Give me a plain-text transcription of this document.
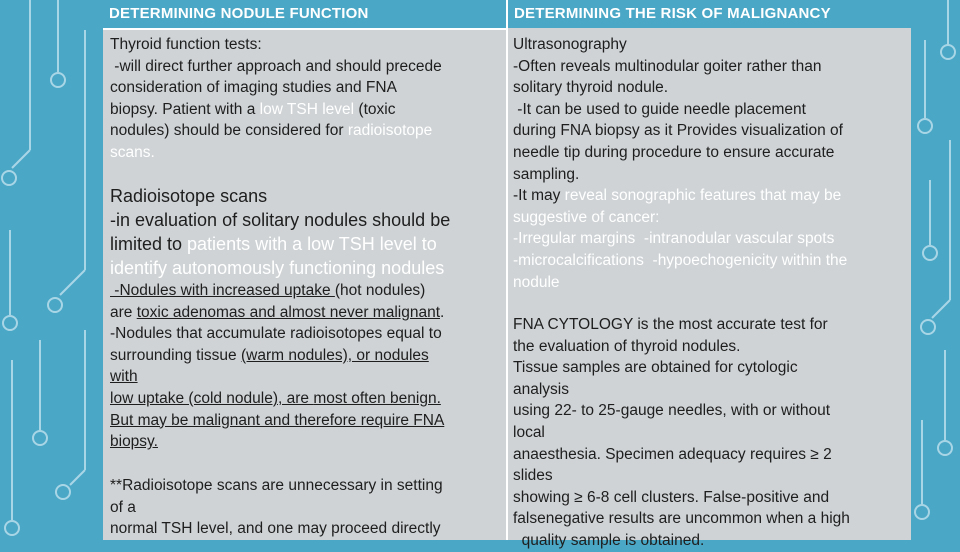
DETERMINING NODULE FUNCTION
Thyroid function tests:
-will direct further approach and should precede
consideration of imaging studies and FNA
biopsy. Patient with a low TSH level (toxic
nodules) should be considered for radioisotope
scans.
Radioisotope scans
-in evaluation of solitary nodules should be
limited to patients with a low TSH level to
identify autonomously functioning nodules
-Nodules with increased uptake (hot nodules)
are toxic adenomas and almost never malignant.
-Nodules that accumulate radioisotopes equal to
surrounding tissue (warm nodules), or nodules
with
low uptake (cold nodule), are most often benign.
But may be malignant and therefore require FNA
biopsy.
**Radioisotope scans are unnecessary in setting
of a
normal TSH level, and one may proceed directly
DETERMINING THE RISK OF MALIGNANCY
Ultrasonography
-Often reveals multinodular goiter rather than
solitary thyroid nodule.
-It can be used to guide needle placement
during FNA biopsy as it Provides visualization of
needle tip during procedure to ensure accurate
sampling.
-It may reveal sonographic features that may be
suggestive of cancer:
-Irregular margins  -intranodular vascular spots
-microcalcifications  -hypoechogenicity within the
nodule
FNA CYTOLOGY is the most accurate test for
the evaluation of thyroid nodules.
Tissue samples are obtained for cytologic
analysis
using 22- to 25-gauge needles, with or without
local
anaesthesia. Specimen adequacy requires ≥ 2
slides
showing ≥ 6-8 cell clusters. False-positive and
falsenegative results are uncommon when a high
quality sample is obtained.
